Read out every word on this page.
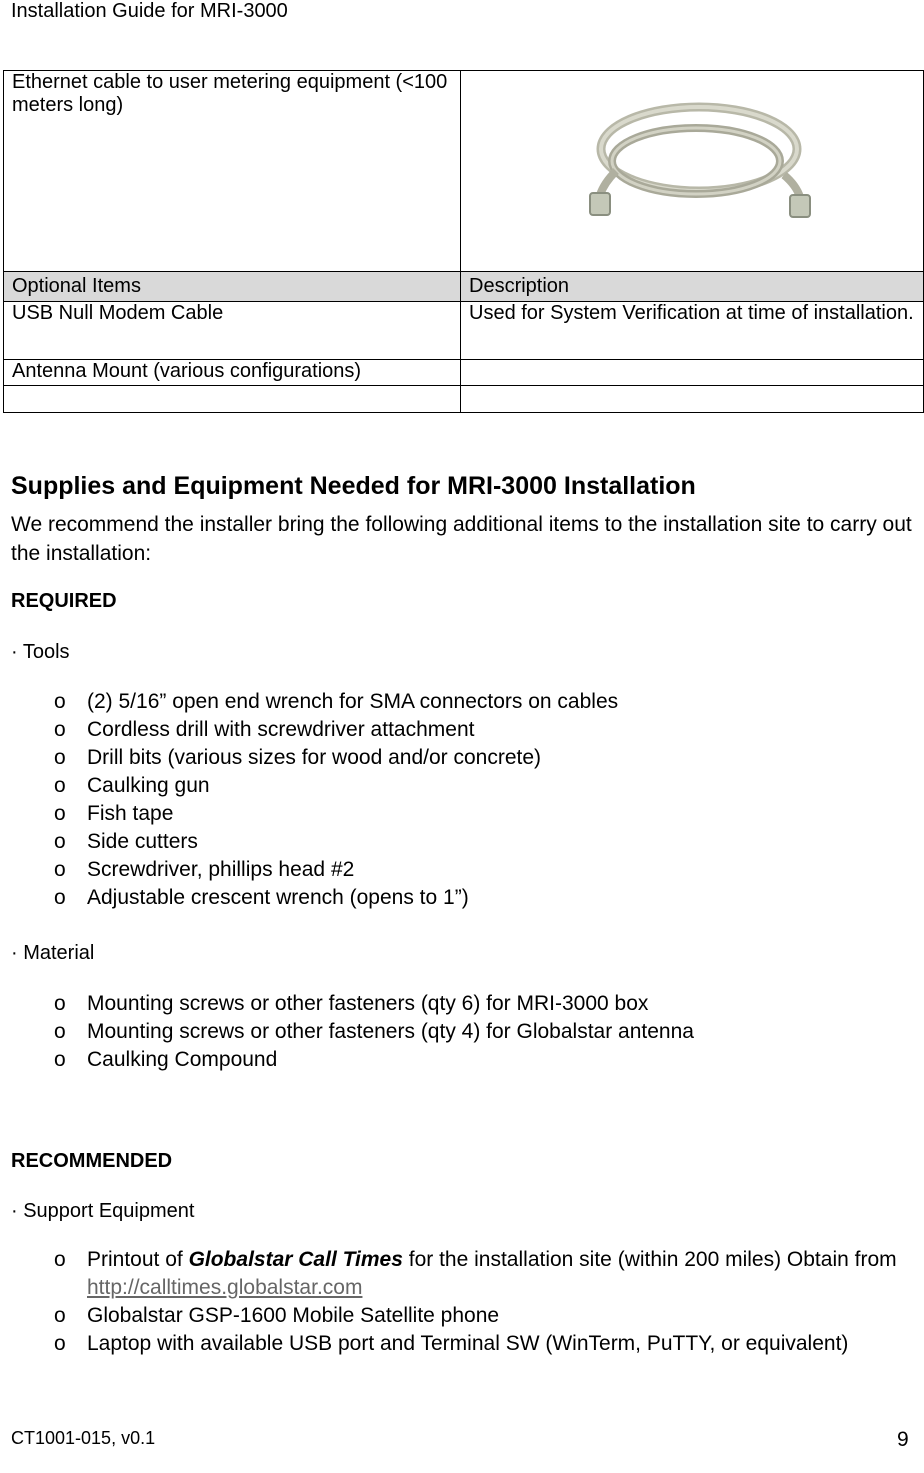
Installation Guide for MRI-3000
Ethernet cable to user metering equipment (<100 meters long)	

Optional Items	Description
USB Null Modem Cable	Used for System Verification at time of installation.
Antenna Mount (various configurations)	

Supplies and Equipment Needed for MRI-3000 Installation
We recommend the installer bring the following additional items to the installation site to carry out the installation:
REQUIRED
· Tools
o (2) 5/16” open end wrench for SMA connectors on cables
o Cordless drill with screwdriver attachment
o Drill bits (various sizes for wood and/or concrete)
o Caulking gun
o Fish tape
o Side cutters
o Screwdriver, phillips head #2
o Adjustable crescent wrench (opens to 1”)
· Material
o Mounting screws or other fasteners (qty 6) for MRI-3000 box
o Mounting screws or other fasteners (qty 4) for Globalstar antenna
o Caulking Compound
RECOMMENDED
· Support Equipment
o Printout of Globalstar Call Times for the installation site (within 200 miles) Obtain from http://calltimes.globalstar.com
o Globalstar GSP-1600 Mobile Satellite phone
o Laptop with available USB port and Terminal SW (WinTerm, PuTTY, or equivalent)
CT1001-015, v0.1	9
